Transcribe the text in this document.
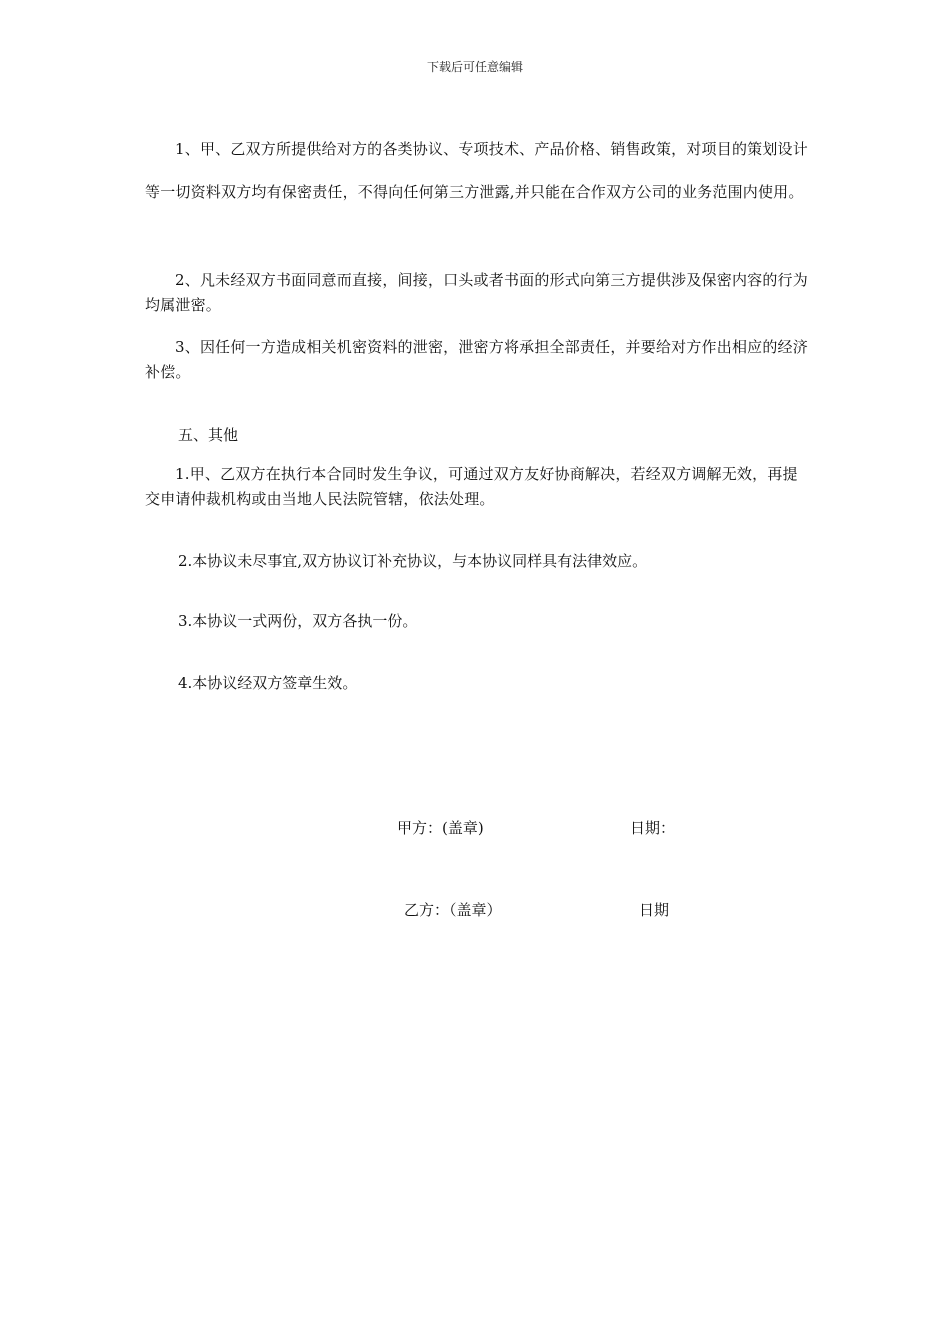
下载后可任意编辑

1、甲、乙双方所提供给对方的各类协议、专项技术、产品价格、销售政策，对项目的策划设计等一切资料双方均有保密责任，不得向任何第三方泄露,并只能在合作双方公司的业务范围内使用。

2、凡未经双方书面同意而直接，间接，口头或者书面的形式向第三方提供涉及保密内容的行为均属泄密。

3、因任何一方造成相关机密资料的泄密，泄密方将承担全部责任，并要给对方作出相应的经济补偿。

五、其他

1.甲、乙双方在执行本合同时发生争议，可通过双方友好协商解决，若经双方调解无效，再提交申请仲裁机构或由当地人民法院管辖，依法处理。

2.本协议未尽事宜,双方协议订补充协议，与本协议同样具有法律效应。
3.本协议一式两份，双方各执一份。
4.本协议经双方签章生效。
甲方：(盖章)	日期：
乙方：（盖章）	日期
